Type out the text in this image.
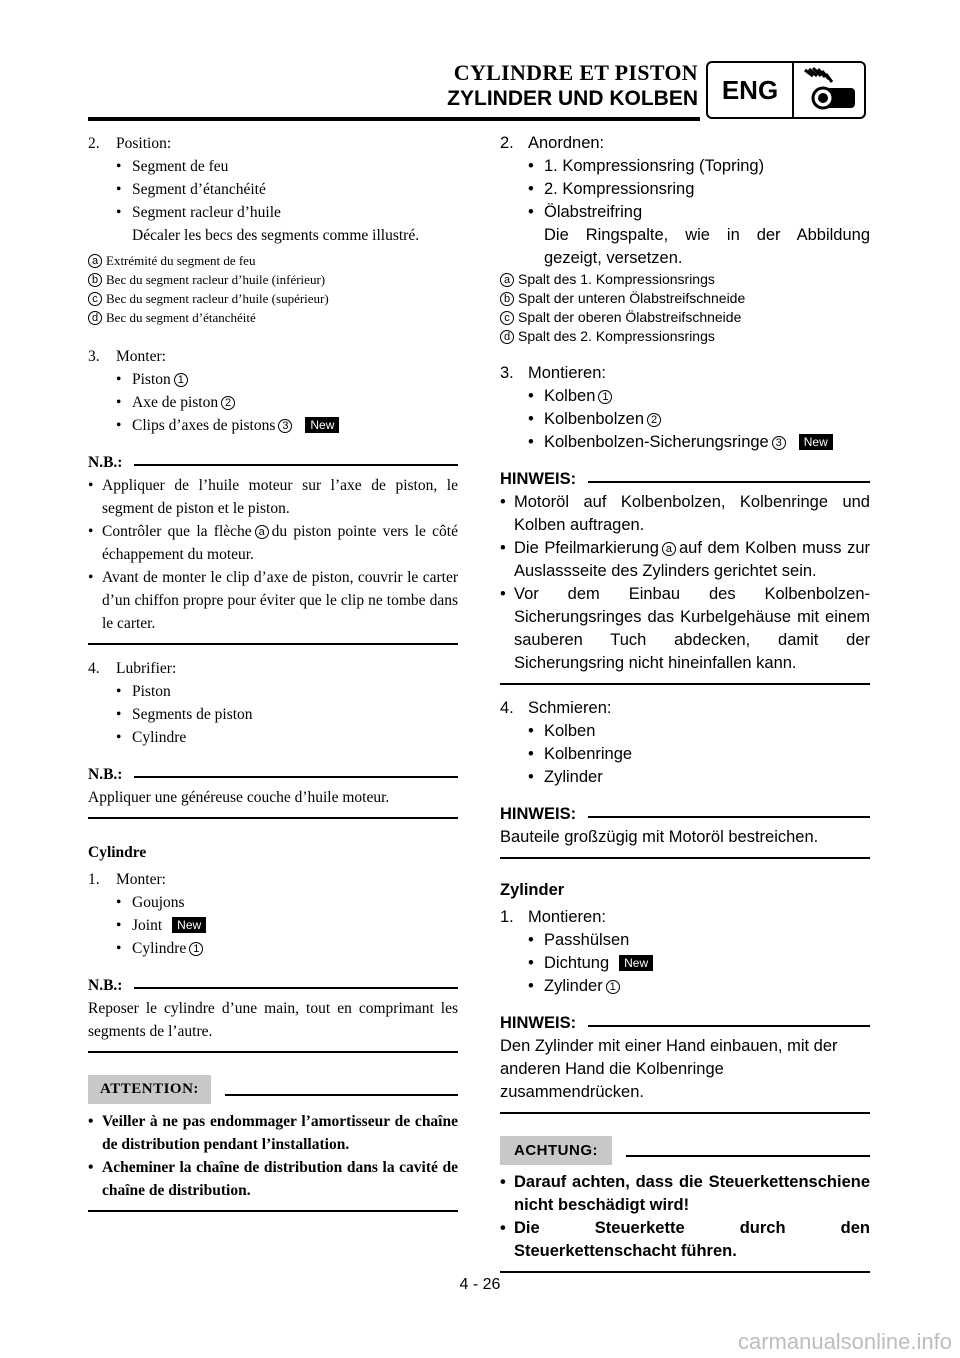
CYLINDRE ET PISTON
ZYLINDER UND KOLBEN ENG
2.	Position:
• Segment de feu
• Segment d’étanchéité
• Segment racleur d’huile
Décaler les becs des segments comme illustré.
a Extrémité du segment de feu
b Bec du segment racleur d’huile (inférieur)
c Bec du segment racleur d’huile (supérieur)
d Bec du segment d’étanchéité
3.	Monter:
• Piston 1
• Axe de piston 2
• Clips d’axes de pistons 3 New
N.B.:
• Appliquer de l’huile moteur sur l’axe de piston, le segment de piston et le piston.
• Contrôler que la flèche a du piston pointe vers le côté échappement du moteur.
• Avant de monter le clip d’axe de piston, couvrir le carter d’un chiffon propre pour éviter que le clip ne tombe dans le carter.
4.	Lubrifier:
• Piston
• Segments de piston
• Cylindre
N.B.:
Appliquer une généreuse couche d’huile moteur.
Cylindre
1.	Monter:
• Goujons
• Joint New
• Cylindre 1
N.B.:
Reposer le cylindre d’une main, tout en comprimant les segments de l’autre.
ATTENTION:
• Veiller à ne pas endommager l’amortisseur de chaîne de distribution pendant l’installation.
• Acheminer la chaîne de distribution dans la cavité de chaîne de distribution.
2. Anordnen:
• 1. Kompressionsring (Topring)
• 2. Kompressionsring
• Ölabstreifring
Die Ringspalte, wie in der Abbildung gezeigt, versetzen.
a Spalt des 1. Kompressionsrings
b Spalt der unteren Ölabstreifschneide
c Spalt der oberen Ölabstreifschneide
d Spalt des 2. Kompressionsrings
3. Montieren:
• Kolben 1
• Kolbenbolzen 2
• Kolbenbolzen-Sicherungsringe 3 New
HINWEIS:
• Motoröl auf Kolbenbolzen, Kolbenringe und Kolben auftragen.
• Die Pfeilmarkierung a auf dem Kolben muss zur Auslassseite des Zylinders gerichtet sein.
• Vor dem Einbau des Kolbenbolzen-Sicherungsringes das Kurbelgehäuse mit einem sauberen Tuch abdecken, damit der Sicherungsring nicht hineinfallen kann.
4. Schmieren:
• Kolben
• Kolbenringe
• Zylinder
HINWEIS:
Bauteile großzügig mit Motoröl bestreichen.
Zylinder
1. Montieren:
• Passhülsen
• Dichtung New
• Zylinder 1
HINWEIS:
Den Zylinder mit einer Hand einbauen, mit der anderen Hand die Kolbenringe zusammendrücken.
ACHTUNG:
• Darauf achten, dass die Steuerkettenschiene nicht beschädigt wird!
• Die Steuerkette durch den Steuerkettenschacht führen.
4 - 26
carmanualsonline.info
